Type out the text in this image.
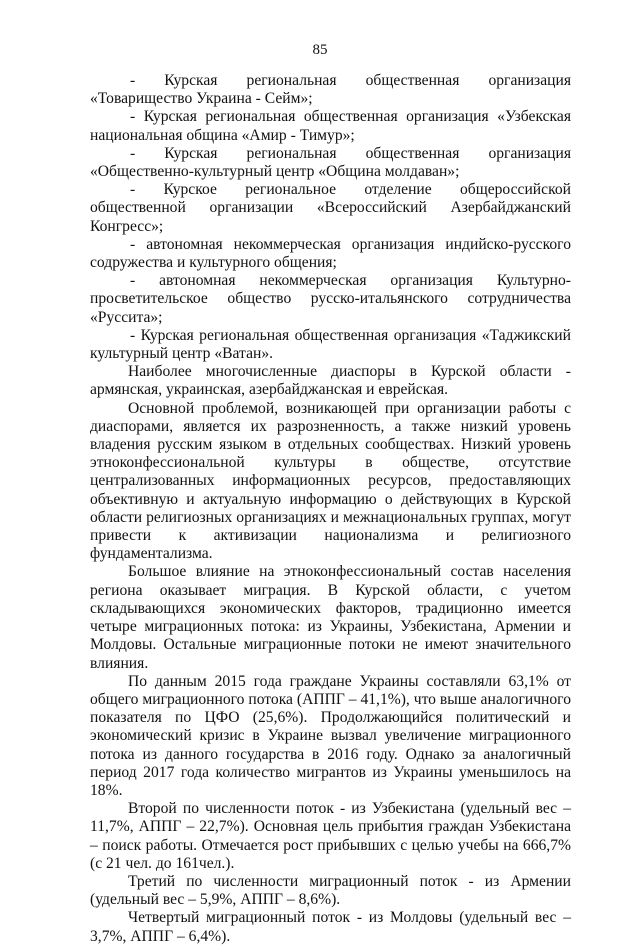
85

- Курская региональная общественная организация «Товарищество Украина - Сейм»;

- Курская региональная общественная организация «Узбекская национальная община «Амир - Тимур»;

- Курская региональная общественная организация «Общественно-культурный центр «Община молдаван»;

- Курское региональное отделение общероссийской общественной организации «Всероссийский Азербайджанский Конгресс»;

- автономная некоммерческая организация индийско-русского содружества и культурного общения;

- автономная некоммерческая организация Культурно-просветительское общество русско-итальянского сотрудничества «Руссита»;

- Курская региональная общественная организация «Таджикский культурный центр «Ватан».

Наиболее многочисленные диаспоры в Курской области - армянская, украинская, азербайджанская и еврейская.

Основной проблемой, возникающей при организации работы с диаспорами, является их разрозненность, а также низкий уровень владения русским языком в отдельных сообществах. Низкий уровень этноконфессиональной культуры в обществе, отсутствие централизованных информационных ресурсов, предоставляющих объективную и актуальную информацию о действующих в Курской области религиозных организациях и межнациональных группах, могут привести к активизации национализма и религиозного фундаментализма.

Большое влияние на этноконфессиональный состав населения региона оказывает миграция. В Курской области, с учетом складывающихся экономических факторов, традиционно имеется четыре миграционных потока: из Украины, Узбекистана, Армении и Молдовы. Остальные миграционные потоки не имеют значительного влияния.

По данным 2015 года граждане Украины составляли 63,1% от общего миграционного потока (АППГ – 41,1%), что выше аналогичного показателя по ЦФО (25,6%). Продолжающийся политический и экономический кризис в Украине вызвал увеличение миграционного потока из данного государства в 2016 году. Однако за аналогичный период 2017 года количество мигрантов из Украины уменьшилось на 18%.

Второй по численности поток - из Узбекистана (удельный вес – 11,7%, АППГ – 22,7%). Основная цель прибытия граждан Узбекистана – поиск работы. Отмечается рост прибывших с целью учебы на 666,7% (с 21 чел. до 161чел.).

Третий по численности миграционный поток - из Армении (удельный вес – 5,9%, АППГ – 8,6%).

Четвертый миграционный поток - из Молдовы (удельный вес – 3,7%, АППГ – 6,4%).
